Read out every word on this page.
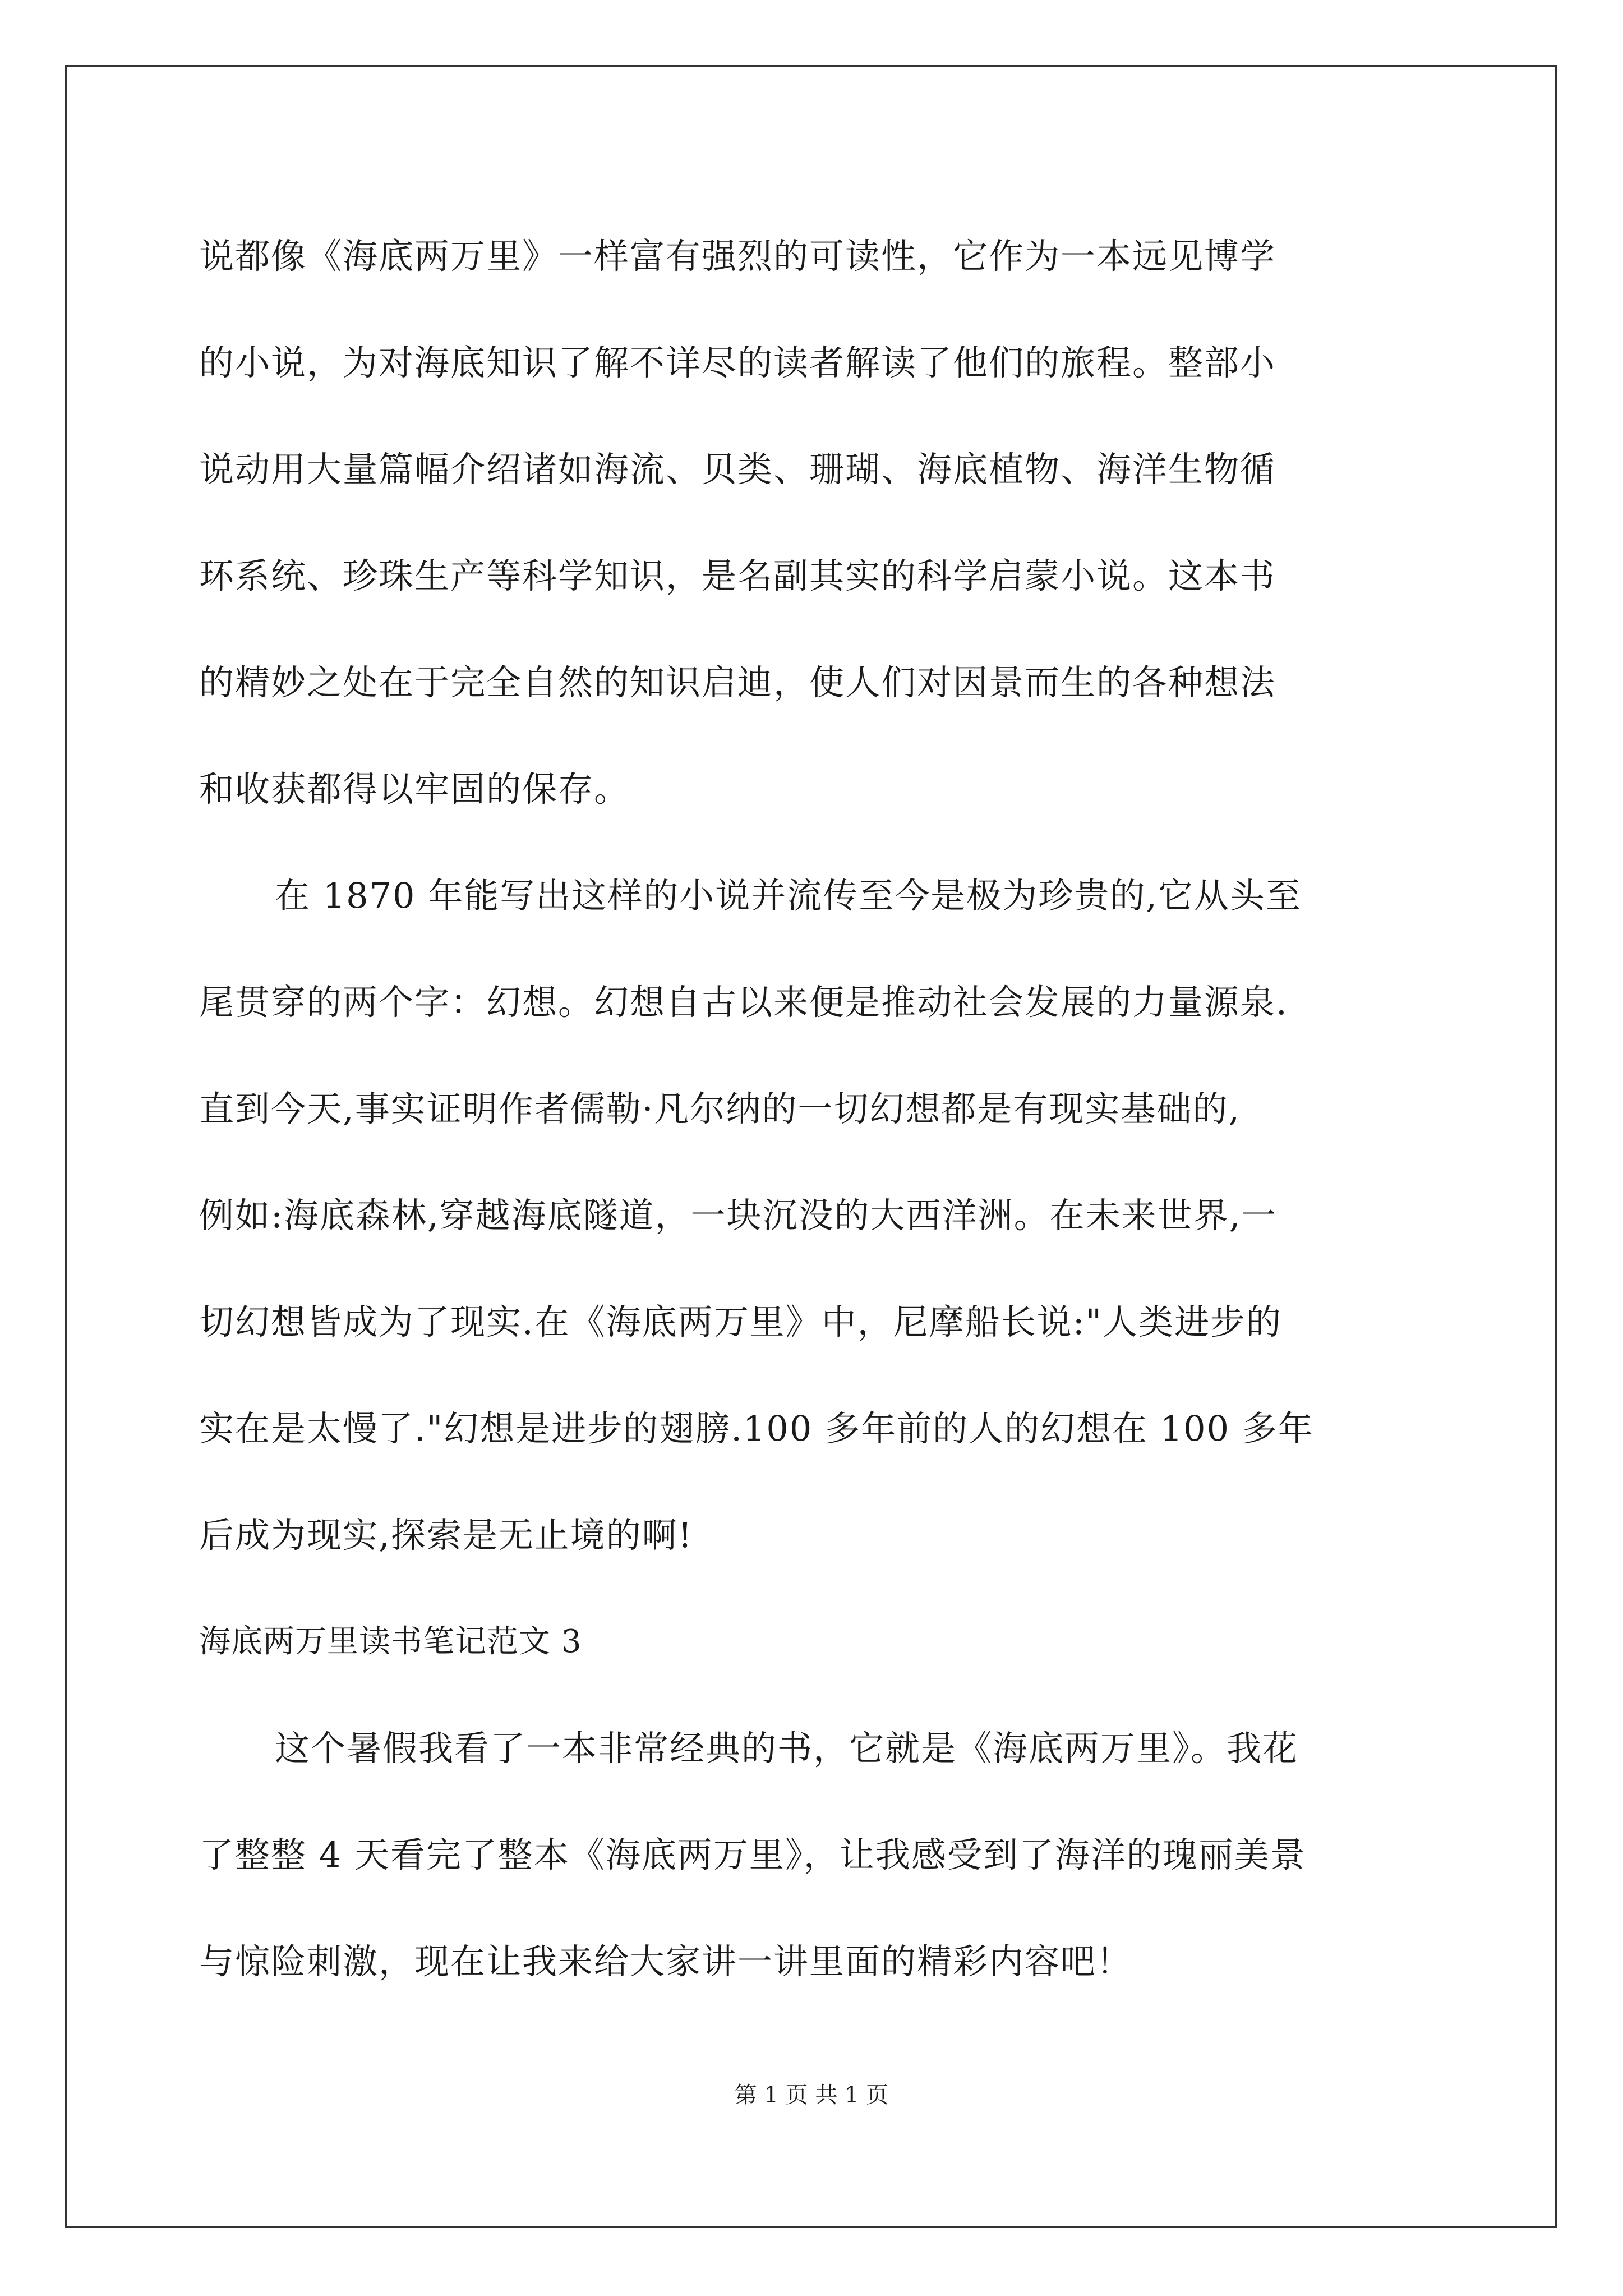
说都像《海底两万里》一样富有强烈的可读性，它作为一本远见博学
的小说，为对海底知识了解不详尽的读者解读了他们的旅程。整部小
说动用大量篇幅介绍诸如海流、贝类、珊瑚、海底植物、海洋生物循
环系统、珍珠生产等科学知识，是名副其实的科学启蒙小说。这本书
的精妙之处在于完全自然的知识启迪，使人们对因景而生的各种想法
和收获都得以牢固的保存。
在 1870 年能写出这样的小说并流传至今是极为珍贵的,它从头至
尾贯穿的两个字：幻想。幻想自古以来便是推动社会发展的力量源泉.
直到今天,事实证明作者儒勒·凡尔纳的一切幻想都是有现实基础的,
例如:海底森林,穿越海底隧道，一块沉没的大西洋洲。在未来世界,一
切幻想皆成为了现实.在《海底两万里》中，尼摩船长说:"人类进步的
实在是太慢了."幻想是进步的翅膀.100 多年前的人的幻想在 100 多年
后成为现实,探索是无止境的啊!
海底两万里读书笔记范文 3
这个暑假我看了一本非常经典的书，它就是《海底两万里》。我花
了整整 4 天看完了整本《海底两万里》，让我感受到了海洋的瑰丽美景
与惊险刺激，现在让我来给大家讲一讲里面的精彩内容吧！
第 1 页 共 1 页
